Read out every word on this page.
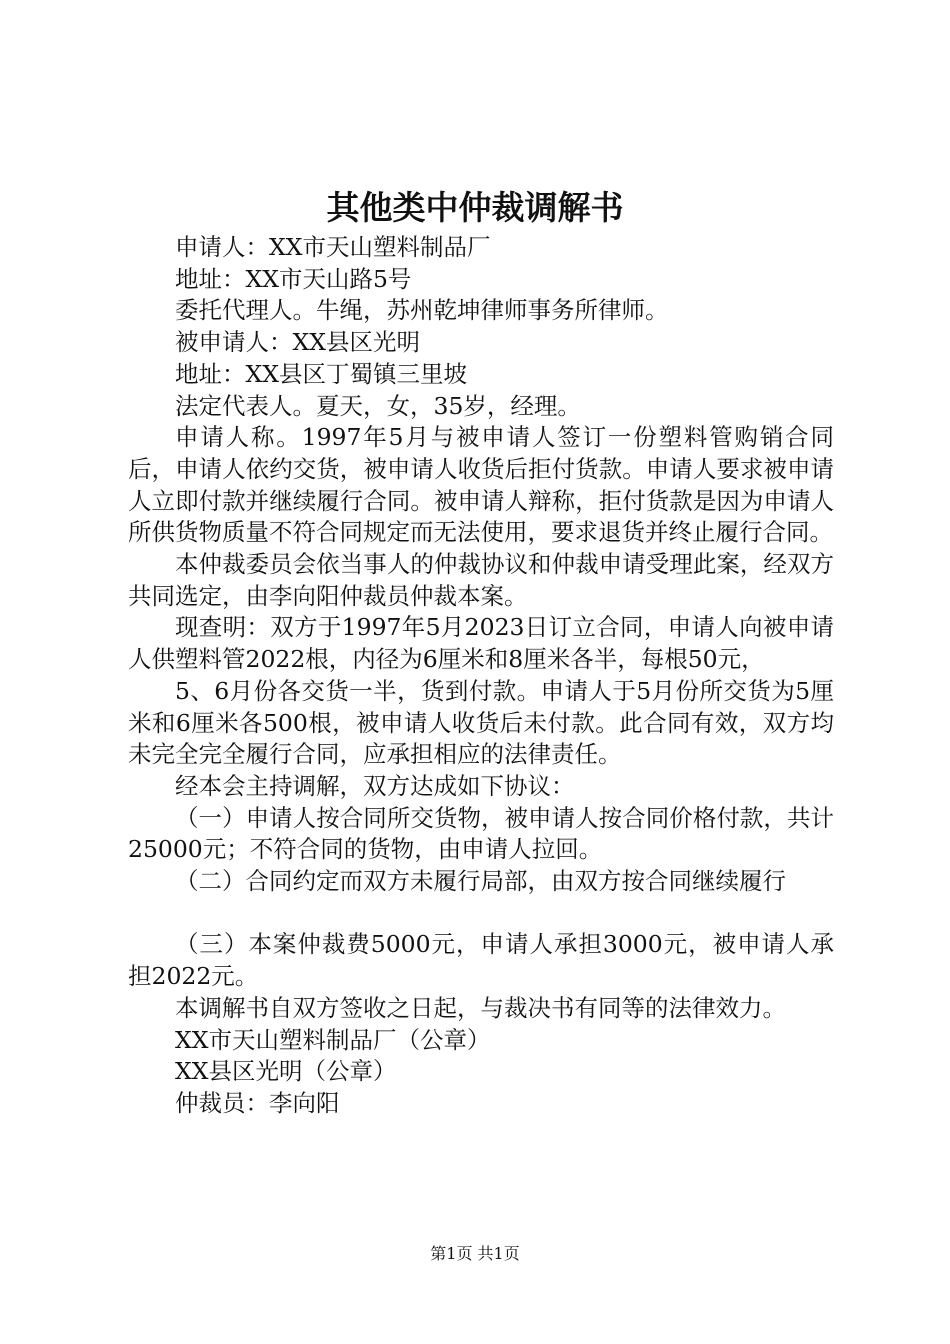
其他类中仲裁调解书

申请人：XX市天山塑料制品厂

地址：XX市天山路5号

委托代理人。牛绳，苏州乾坤律师事务所律师。

被申请人：XX县区光明

地址：XX县区丁蜀镇三里坡

法定代表人。夏天，女，35岁，经理。

申请人称。1997年5月与被申请人签订一份塑料管购销合同后，申请人依约交货，被申请人收货后拒付货款。申请人要求被申请人立即付款并继续履行合同。被申请人辩称，拒付货款是因为申请人所供货物质量不符合同规定而无法使用，要求退货并终止履行合同。

本仲裁委员会依当事人的仲裁协议和仲裁申请受理此案，经双方共同选定，由李向阳仲裁员仲裁本案。

现查明：双方于1997年5月2023日订立合同，申请人向被申请人供塑料管2022根，内径为6厘米和8厘米各半，每根50元，

5、6月份各交货一半，货到付款。申请人于5月份所交货为5厘米和6厘米各500根，被申请人收货后未付款。此合同有效，双方均未完全完全履行合同，应承担相应的法律责任。

经本会主持调解，双方达成如下协议：

（一）申请人按合同所交货物，被申请人按合同价格付款，共计25000元；不符合同的货物，由申请人拉回。

（二）合同约定而双方未履行局部，由双方按合同继续履行

（三）本案仲裁费5000元，申请人承担3000元，被申请人承担2022元。

本调解书自双方签收之日起，与裁决书有同等的法律效力。

XX市天山塑料制品厂（公章）

XX县区光明（公章）

仲裁员：李向阳

第1页 共1页
